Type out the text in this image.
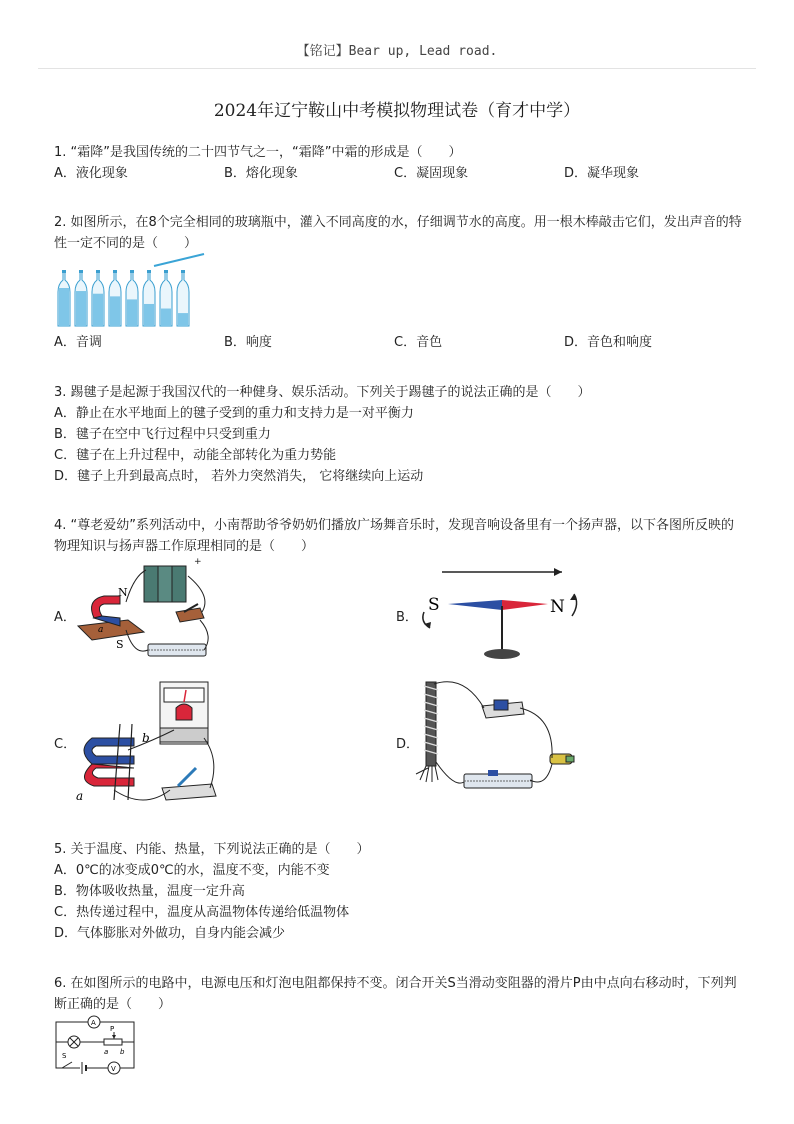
【铭记】Bear up, Lead road.
2024年辽宁鞍山中考模拟物理试卷（育才中学）
1. “霜降”是我国传统的二十四节气之一，“霜降”中霜的形成是（　　）
A．液化现象	B．熔化现象	C．凝固现象	D．凝华现象
2. 如图所示，在8个完全相同的玻璃瓶中，灌入不同高度的水，仔细调节水的高度。用一根木棒敲击它们，发出声音的特性一定不同的是（　　）
A．音调	B．响度	C．音色	D．音色和响度
3. 踢毽子是起源于我国汉代的一种健身、娱乐活动。下列关于踢毽子的说法正确的是（　　）
A．静止在水平地面上的毽子受到的重力和支持力是一对平衡力
B．毽子在空中飞行过程中只受到重力
C．毽子在上升过程中，动能全部转化为重力势能
D．毽子上升到最高点时， 若外力突然消失， 它将继续向上运动
4. “尊老爱幼”系列活动中，小南帮助爷爷奶奶们播放广场舞音乐时，发现音响设备里有一个扬声器，以下各图所反映的物理知识与扬声器工作原理相同的是（　　）
A．
+
N
S
a
B．
S	N
C．	b
a
D．
5. 关于温度、内能、热量，下列说法正确的是（　　）
A．0℃的冰变成0℃的水，温度不变，内能不变
B．物体吸收热量，温度一定升高
C．热传递过程中，温度从高温物体传递给低温物体
D．气体膨胀对外做功，自身内能会减少
6. 在如图所示的电路中，电源电压和灯泡电阻都保持不变。闭合开关S当滑动变阻器的滑片P由中点向右移动时，下列判断正确的是（　　）
A
P
a b
S
V
